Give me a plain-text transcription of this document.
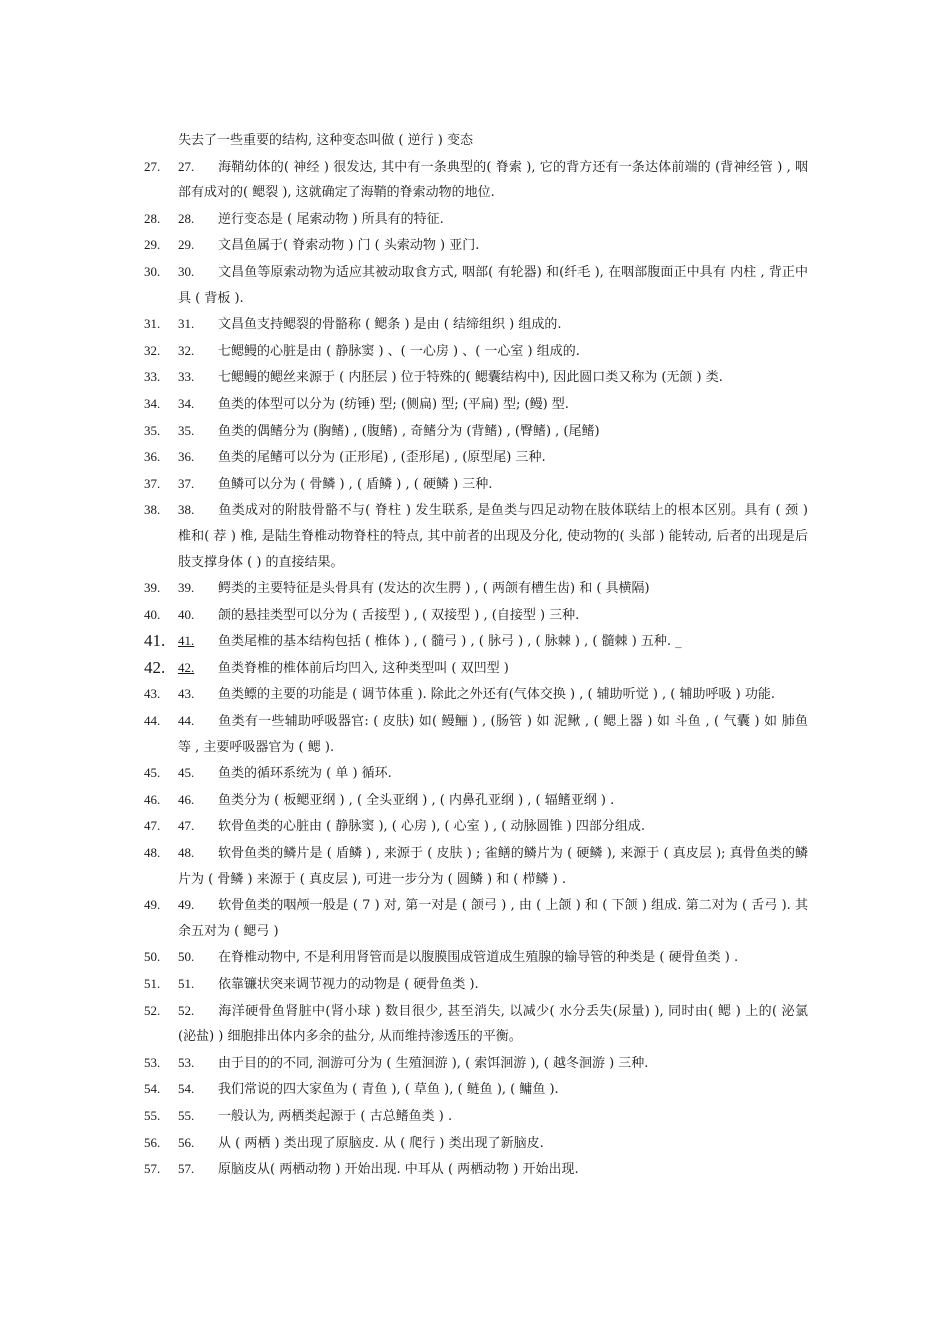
失去了一些重要的结构, 这种变态叫做 ( 逆行 ) 变态
27.	27. 海鞘幼体的( 神经 ) 很发达, 其中有一条典型的( 脊索 ), 它的背方还有一条达体前端的 (背神经管 ) , 咽部有成对的( 鳃裂 ), 这就确定了海鞘的脊索动物的地位.
28.	28. 逆行变态是 ( 尾索动物 ) 所具有的特征.
29.	29. 文昌鱼属于( 脊索动物 ) 门 ( 头索动物 ) 亚门.
30.	30. 文昌鱼等原索动物为适应其被动取食方式, 咽部( 有轮器) 和(纤毛 ), 在咽部腹面正中具有 内柱 , 背正中具 ( 背板 ).
31.	31. 文昌鱼支持鳃裂的骨骼称 ( 鳃条 ) 是由 ( 结缔组织 ) 组成的.
32.	32. 七鳃鳗的心脏是由 ( 静脉窦 ) 、( 一心房 ) 、( 一心室 ) 组成的.
33.	33. 七鳃鳗的鳃丝来源于 ( 内胚层 ) 位于特殊的( 鳃囊结构中), 因此圆口类又称为 (无颌 ) 类.
34.	34. 鱼类的体型可以分为 (纺锤) 型; (侧扁) 型; (平扁) 型; (鳗) 型.
35.	35. 鱼类的偶鳍分为 (胸鳍) , (腹鳍) , 奇鳍分为 (背鳍) , (臀鳍) , (尾鳍)
36.	36. 鱼类的尾鳍可以分为 (正形尾) , (歪形尾) , (原型尾) 三种.
37.	37. 鱼鳞可以分为 ( 骨鳞 ) , ( 盾鳞 ) , ( 硬鳞 ) 三种.
38.	38. 鱼类成对的附肢骨骼不与( 脊柱 ) 发生联系, 是鱼类与四足动物在肢体联结上的根本区别。具有 ( 颈 ) 椎和( 荐 ) 椎, 是陆生脊椎动物脊柱的特点, 其中前者的出现及分化, 使动物的( 头部 ) 能转动, 后者的出现是后肢支撑身体 ( ) 的直接结果。
39.	39. 鳄类的主要特征是头骨具有 (发达的次生腭 ) , ( 两颌有槽生齿) 和 ( 具横隔)
40.	40. 颌的悬挂类型可以分为 ( 舌接型 ) , ( 双接型 ) , (自接型 ) 三种.
41. 41. 鱼类尾椎的基本结构包括 ( 椎体 ) , ( 髓弓 ) , ( 脉弓 ) , ( 脉棘 ) , ( 髓棘 ) 五种. _
42. 42. 鱼类脊椎的椎体前后均凹入, 这种类型叫 ( 双凹型 )
43.	43. 鱼类鳔的主要的功能是 ( 调节体重 ). 除此之外还有(气体交换 ) , ( 辅助听觉 ) , ( 辅助呼吸 ) 功能.
44.	44. 鱼类有一些辅助呼吸器官: ( 皮肤) 如( 鳗鲡 ) , (肠管 ) 如 泥鳅 , ( 鳃上器 ) 如 斗鱼 , ( 气囊 ) 如 肺鱼 等 , 主要呼吸器官为 ( 鳃 ).
45.	45. 鱼类的循环系统为 ( 单 ) 循环.
46.	46. 鱼类分为 ( 板鳃亚纲 ) , ( 全头亚纲 ) , ( 内鼻孔亚纲 ) , ( 辐鳍亚纲 ) .
47.	47. 软骨鱼类的心脏由 ( 静脉窦 ), ( 心房 ), ( 心室 ) , ( 动脉圆锥 ) 四部分组成.
48.	48. 软骨鱼类的鳞片是 ( 盾鳞 ) , 来源于 ( 皮肤 ) ; 雀鳝的鳞片为 ( 硬鳞 ), 来源于 ( 真皮层 ); 真骨鱼类的鳞片为 ( 骨鳞 ) 来源于 ( 真皮层 ), 可进一步分为 ( 圆鳞 ) 和 ( 栉鳞 ) .
49.	49. 软骨鱼类的咽颅一般是 ( 7 ) 对, 第一对是 ( 颌弓 ) , 由 ( 上颌 ) 和 ( 下颌 ) 组成. 第二对为 ( 舌弓 ). 其余五对为 ( 鳃弓 )
50.	50. 在脊椎动物中, 不是利用肾管而是以腹膜围成管道成生殖腺的输导管的种类是 ( 硬骨鱼类 ) .
51.	51. 依靠镰状突来调节视力的动物是 ( 硬骨鱼类 ).
52.	52. 海洋硬骨鱼肾脏中(肾小球 ) 数目很少, 甚至消失, 以减少( 水分丢失(尿量) ), 同时由( 鳃 ) 上的( 泌氯 (泌盐) ) 细胞排出体内多余的盐分, 从而维持渗透压的平衡。
53.	53. 由于目的的不同, 洄游可分为 ( 生殖洄游 ), ( 索饵洄游 ), ( 越冬洄游 ) 三种.
54.	54. 我们常说的四大家鱼为 ( 青鱼 ), ( 草鱼 ), ( 鲢鱼 ), ( 鳙鱼 ).
55.	55. 一般认为, 两栖类起源于 ( 古总鳍鱼类 ) .
56.	56. 从 ( 两栖 ) 类出现了原脑皮. 从 ( 爬行 ) 类出现了新脑皮.
57.	57. 原脑皮从( 两栖动物 ) 开始出现. 中耳从 ( 两栖动物 ) 开始出现.
